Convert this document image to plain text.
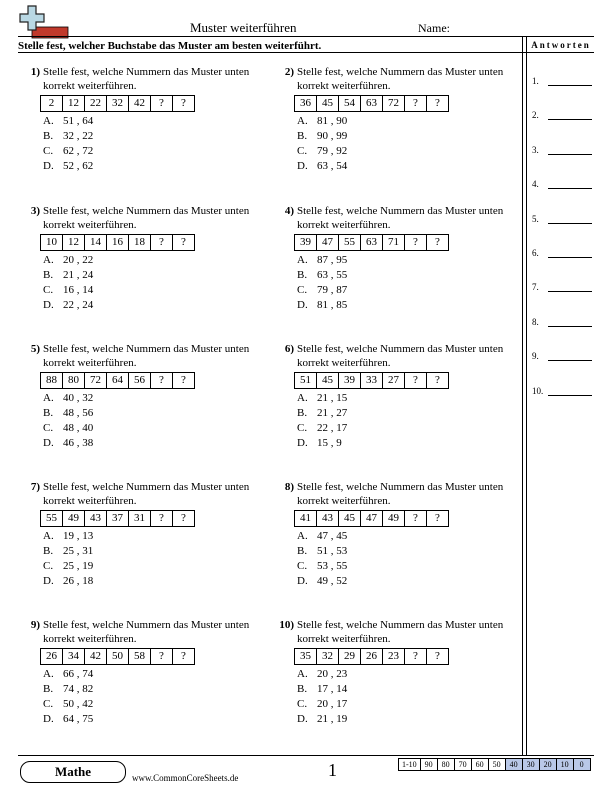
Muster weiterführen	Name:
Stelle fest, welcher Buchstabe das Muster am besten weiterführt.	Antworten
1) Stelle fest, welche Nummern das Muster unten korrekt weiterführen.
2	12	22	32	42	?	?
A. 51 , 64
B. 32 , 22
C. 62 , 72
D. 52 , 62
2) Stelle fest, welche Nummern das Muster unten korrekt weiterführen.
36	45	54	63	72	?	?
A. 81 , 90
B. 90 , 99
C. 79 , 92
D. 63 , 54
3) Stelle fest, welche Nummern das Muster unten korrekt weiterführen.
10	12	14	16	18	?	?
A. 20 , 22
B. 21 , 24
C. 16 , 14
D. 22 , 24
4) Stelle fest, welche Nummern das Muster unten korrekt weiterführen.
39	47	55	63	71	?	?
A. 87 , 95
B. 63 , 55
C. 79 , 87
D. 81 , 85
5) Stelle fest, welche Nummern das Muster unten korrekt weiterführen.
88	80	72	64	56	?	?
A. 40 , 32
B. 48 , 56
C. 48 , 40
D. 46 , 38
6) Stelle fest, welche Nummern das Muster unten korrekt weiterführen.
51	45	39	33	27	?	?
A. 21 , 15
B. 21 , 27
C. 22 , 17
D. 15 , 9
7) Stelle fest, welche Nummern das Muster unten korrekt weiterführen.
55	49	43	37	31	?	?
A. 19 , 13
B. 25 , 31
C. 25 , 19
D. 26 , 18
8) Stelle fest, welche Nummern das Muster unten korrekt weiterführen.
41	43	45	47	49	?	?
A. 47 , 45
B. 51 , 53
C. 53 , 55
D. 49 , 52
9) Stelle fest, welche Nummern das Muster unten korrekt weiterführen.
26	34	42	50	58	?	?
A. 66 , 74
B. 74 , 82
C. 50 , 42
D. 64 , 75
10) Stelle fest, welche Nummern das Muster unten korrekt weiterführen.
35	32	29	26	23	?	?
A. 20 , 23
B. 17 , 14
C. 20 , 17
D. 21 , 19
1.
2.
3.
4.
5.
6.
7.
8.
9.
10.
Mathe	www.CommonCoreSheets.de	1	1-10	90	80	70	60	50	40	30	20	10	0
